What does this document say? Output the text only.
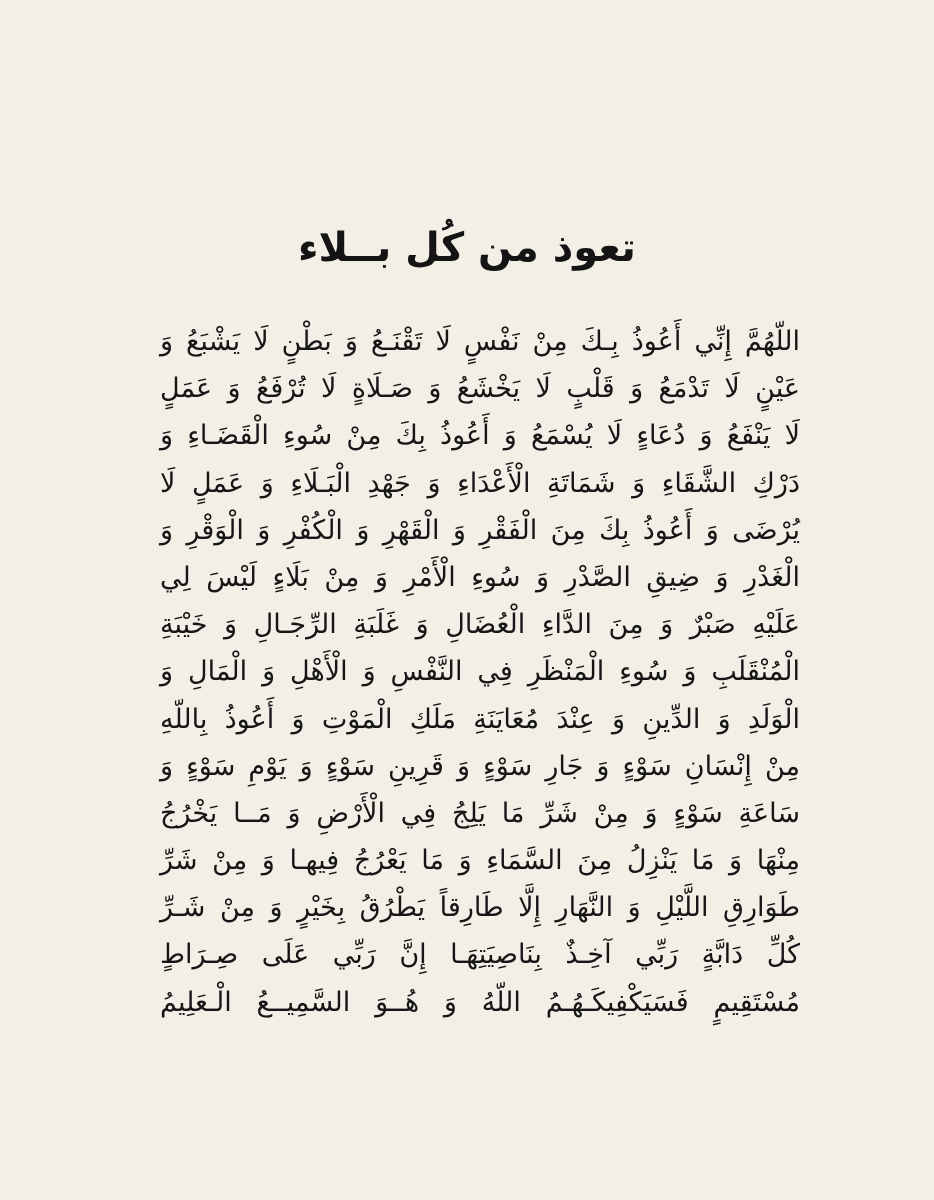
تعوذ من كُل بــلاء
اللّهُمَّ إِنِّي أَعُوذُ بِـكَ مِنْ نَفْسٍ لَا تَقْنَـعُ وَ بَطْنٍ لَا يَشْبَعُ وَ
عَيْنٍ لَا تَدْمَعُ وَ قَلْبٍ لَا يَخْشَعُ وَ صَـلَاةٍ لَا تُرْفَعُ وَ عَمَلٍ
لَا يَنْفَعُ وَ دُعَاءٍ لَا يُسْمَعُ وَ أَعُوذُ بِكَ مِنْ سُوءِ الْقَضَـاءِ وَ
دَرْكِ الشَّقَاءِ وَ شَمَاتَةِ الْأَعْدَاءِ وَ جَهْدِ الْبَـلَاءِ وَ عَمَلٍ لَا
يُرْضَى وَ أَعُوذُ بِكَ مِنَ الْفَقْرِ وَ الْقَهْرِ وَ الْكُفْرِ وَ الْوَقْرِ وَ
الْغَدْرِ وَ ضِيقِ الصَّدْرِ وَ سُوءِ الْأَمْرِ وَ مِنْ بَلَاءٍ لَيْسَ لِي
عَلَيْهِ صَبْرٌ وَ مِنَ الدَّاءِ الْعُضَالِ وَ غَلَبَةِ الرِّجَـالِ وَ خَيْبَةِ
الْمُنْقَلَبِ وَ سُوءِ الْمَنْظَرِ فِي النَّفْسِ وَ الْأَهْلِ وَ الْمَالِ وَ
الْوَلَدِ وَ الدِّينِ وَ عِنْدَ مُعَايَنَةِ مَلَكِ الْمَوْتِ وَ أَعُوذُ بِاللّهِ
مِنْ إِنْسَانِ سَوْءٍ وَ جَارِ سَوْءٍ وَ قَرِينِ سَوْءٍ وَ يَوْمِ سَوْءٍ وَ
سَاعَةِ سَوْءٍ وَ مِنْ شَرِّ مَا يَلِجُ فِي الْأَرْضِ وَ مَــا يَخْرُجُ
مِنْهَا وَ مَا يَنْزِلُ مِنَ السَّمَاءِ وَ مَا يَعْرُجُ فِيهـا وَ مِنْ شَرِّ
طَوَارِقِ اللَّيْلِ وَ النَّهَارِ إِلَّا طَارِقاً يَطْرُقُ بِخَيْرٍ وَ مِنْ شَـرِّ
كُلِّ دَابَّةٍ رَبِّي آخِـذٌ بِنَاصِيَتِهَـا إِنَّ رَبِّي عَلَى صِـرَاطٍ
مُسْتَقِيمٍ فَسَيَكْفِيكَـهُـمُ اللّهُ وَ هُــوَ السَّمِيــعُ الْـعَلِيمُ
